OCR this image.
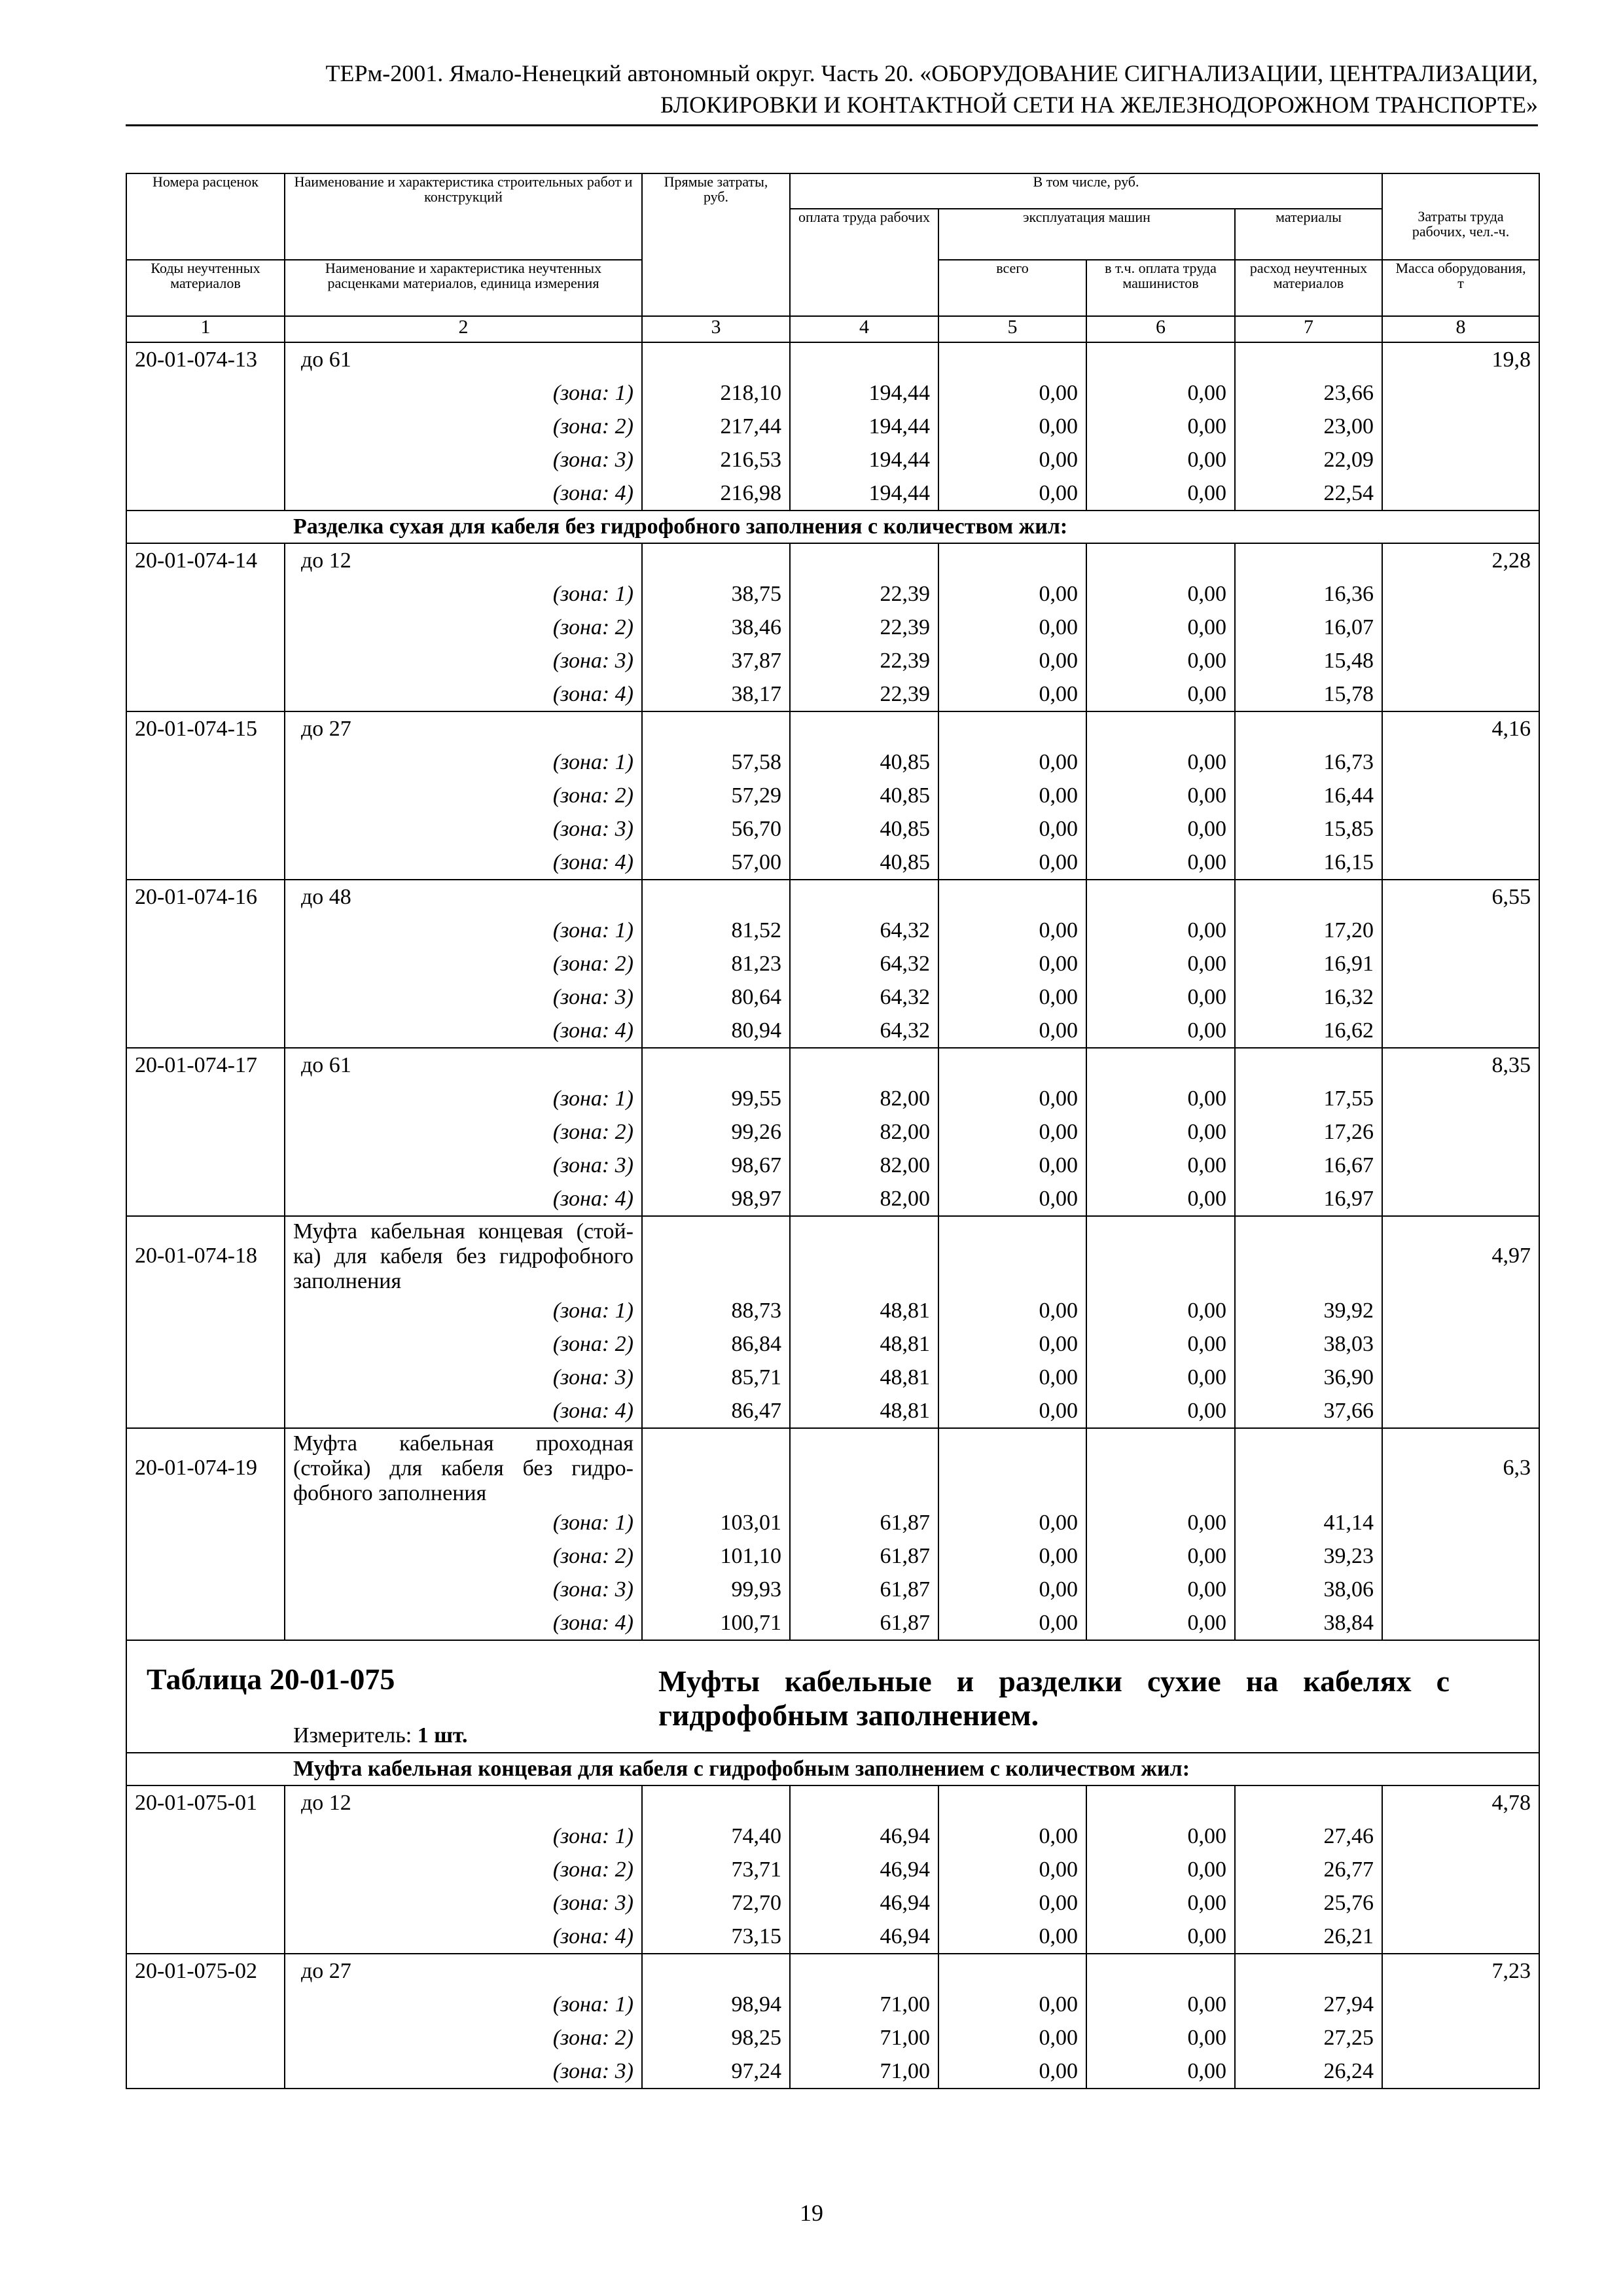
ТЕРм-2001. Ямало-Ненецкий автономный округ. Часть 20. «ОБОРУДОВАНИЕ СИГНАЛИЗАЦИИ, ЦЕНТРАЛИЗАЦИИ,
БЛОКИРОВКИ И КОНТАКТНОЙ СЕТИ НА ЖЕЛЕЗНОДОРОЖНОМ ТРАНСПОРТЕ»
Номера расценок	Наименование и характеристика строительных работ и конструкций	Прямые затраты, руб.	В том числе, руб.				
			оплата труда рабочих	эксплуатация машин		материалы	Затраты труда рабочих, чел.-ч.
Коды неучтенных материалов	Наименование и характеристика неучтенных расценками материалов, единица измерения			всего	в т.ч. оплата труда машинистов	расход неучтенных материалов	Масса оборудования, т
1	2	3	4	5	6	7	8
20-01-074-13	до 61						19,8
	(зона: 1)	218,10	194,44	0,00	0,00	23,66	
	(зона: 2)	217,44	194,44	0,00	0,00	23,00	
	(зона: 3)	216,53	194,44	0,00	0,00	22,09	
	(зона: 4)	216,98	194,44	0,00	0,00	22,54	
Разделка сухая для кабеля без гидрофобного заполнения с количеством жил:							
20-01-074-14	до 12						2,28
	(зона: 1)	38,75	22,39	0,00	0,00	16,36	
	(зона: 2)	38,46	22,39	0,00	0,00	16,07	
	(зона: 3)	37,87	22,39	0,00	0,00	15,48	
	(зона: 4)	38,17	22,39	0,00	0,00	15,78	
20-01-074-15	до 27						4,16
	(зона: 1)	57,58	40,85	0,00	0,00	16,73	
	(зона: 2)	57,29	40,85	0,00	0,00	16,44	
	(зона: 3)	56,70	40,85	0,00	0,00	15,85	
	(зона: 4)	57,00	40,85	0,00	0,00	16,15	
20-01-074-16	до 48						6,55
	(зона: 1)	81,52	64,32	0,00	0,00	17,20	
	(зона: 2)	81,23	64,32	0,00	0,00	16,91	
	(зона: 3)	80,64	64,32	0,00	0,00	16,32	
	(зона: 4)	80,94	64,32	0,00	0,00	16,62	
20-01-074-17	до 61						8,35
	(зона: 1)	99,55	82,00	0,00	0,00	17,55	
	(зона: 2)	99,26	82,00	0,00	0,00	17,26	
	(зона: 3)	98,67	82,00	0,00	0,00	16,67	
	(зона: 4)	98,97	82,00	0,00	0,00	16,97	
20-01-074-18	Муфта кабельная концевая (стой-
ка) для кабеля без гидрофобного
заполнения						4,97
	(зона: 1)	88,73	48,81	0,00	0,00	39,92	
	(зона: 2)	86,84	48,81	0,00	0,00	38,03	
	(зона: 3)	85,71	48,81	0,00	0,00	36,90	
	(зона: 4)	86,47	48,81	0,00	0,00	37,66	
20-01-074-19	Муфта кабельная проходная
(стойка) для кабеля без гидро-
фобного заполнения						6,3
	(зона: 1)	103,01	61,87	0,00	0,00	41,14	
	(зона: 2)	101,10	61,87	0,00	0,00	39,23	
	(зона: 3)	99,93	61,87	0,00	0,00	38,06	
	(зона: 4)	100,71	61,87	0,00	0,00	38,84	

Таблица 20-01-075 Муфты кабельные и разделки сухие на кабелях с гидрофобным заполнением.
Измеритель: 1 шт.							

Муфта кабельная концевая для кабеля с гидрофобным заполнением с количеством жил:							
20-01-075-01	до 12						4,78
	(зона: 1)	74,40	46,94	0,00	0,00	27,46	
	(зона: 2)	73,71	46,94	0,00	0,00	26,77	
	(зона: 3)	72,70	46,94	0,00	0,00	25,76	
	(зона: 4)	73,15	46,94	0,00	0,00	26,21	
20-01-075-02	до 27						7,23
	(зона: 1)	98,94	71,00	0,00	0,00	27,94	
	(зона: 2)	98,25	71,00	0,00	0,00	27,25	
	(зона: 3)	97,24	71,00	0,00	0,00	26,24	
19
